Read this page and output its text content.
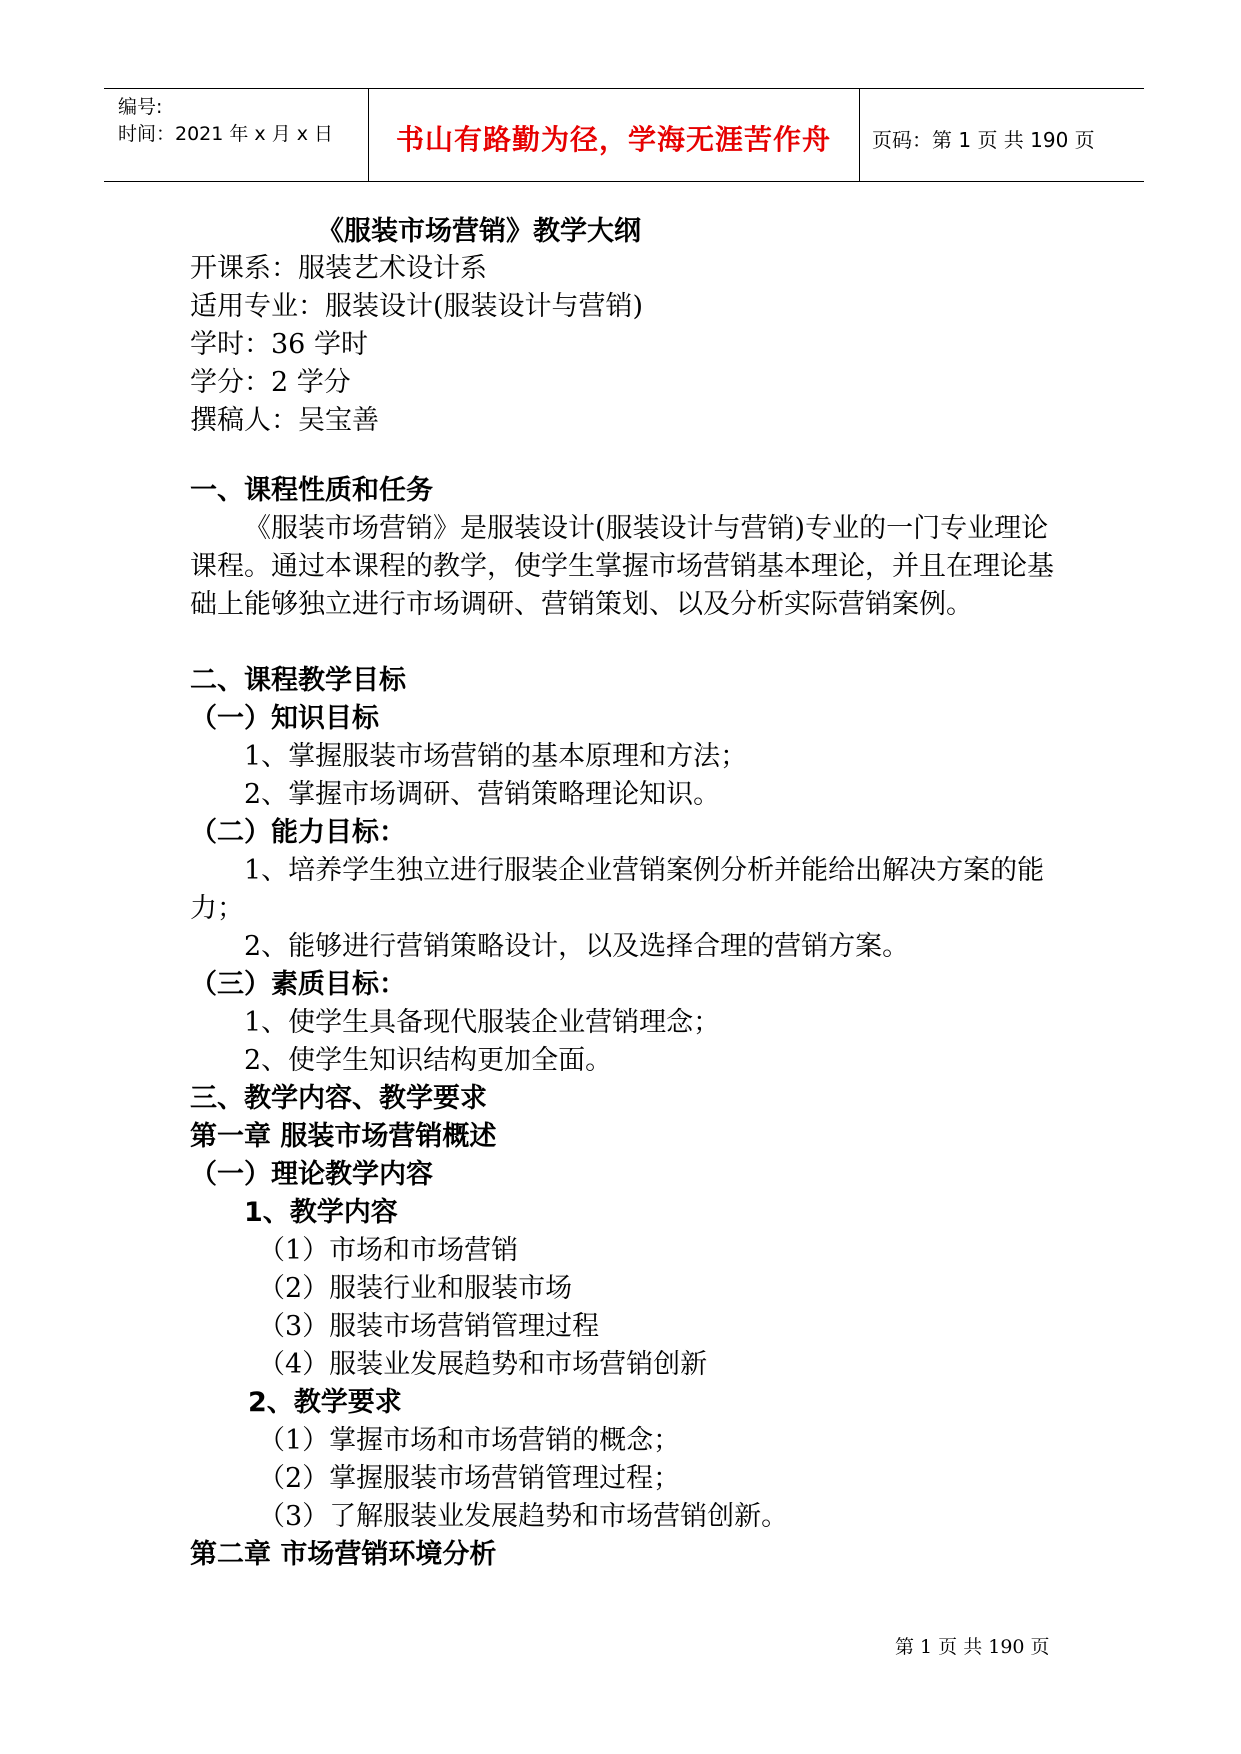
编号:
时间：2021 年 x 月 x 日	书山有路勤为径，学海无涯苦作舟	页码：第 1 页 共 190 页
《服装市场营销》教学大纲
开课系：服装艺术设计系
适用专业：服装设计(服装设计与营销)
学时：36 学时
学分：2 学分
撰稿人：吴宝善
一、课程性质和任务
《服装市场营销》是服装设计(服装设计与营销)专业的一门专业理论课程。通过本课程的教学，使学生掌握市场营销基本理论，并且在理论基础上能够独立进行市场调研、营销策划、以及分析实际营销案例。
二、课程教学目标
（一）知识目标
1、掌握服装市场营销的基本原理和方法；
2、掌握市场调研、营销策略理论知识。
（二）能力目标：
1、培养学生独立进行服装企业营销案例分析并能给出解决方案的能力；
2、能够进行营销策略设计，以及选择合理的营销方案。
（三）素质目标：
1、使学生具备现代服装企业营销理念；
2、使学生知识结构更加全面。
三、教学内容、教学要求
第一章 服装市场营销概述
（一）理论教学内容
1、教学内容
（1）市场和市场营销
（2）服装行业和服装市场
（3）服装市场营销管理过程
（4）服装业发展趋势和市场营销创新
2、教学要求
（1）掌握市场和市场营销的概念；
（2）掌握服装市场营销管理过程；
（3）了解服装业发展趋势和市场营销创新。
第二章 市场营销环境分析
第 1 页 共 190 页
